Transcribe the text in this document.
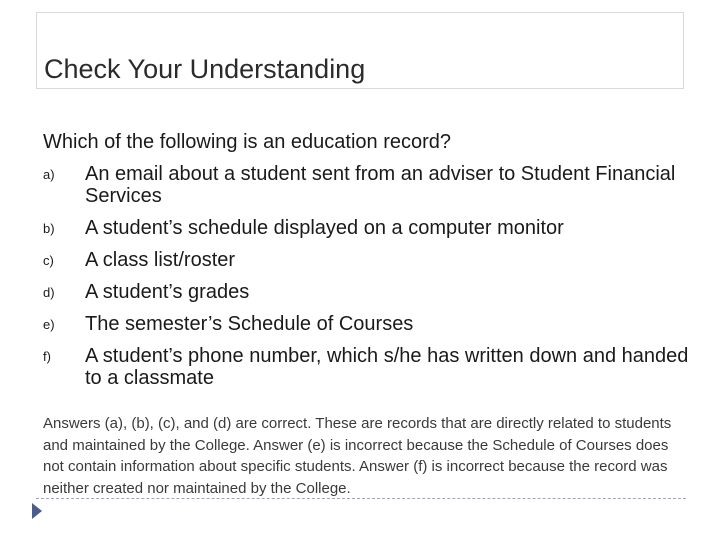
Check Your Understanding

Which of the following is an education record?

a) An email about a student sent from an adviser to Student Financial Services
b) A student’s schedule displayed on a computer monitor
c) A class list/roster
d) A student’s grades
e) The semester’s Schedule of Courses
f) A student’s phone number, which s/he has written down and handed to a classmate

Answers (a), (b), (c), and (d) are correct. These are records that are directly related to students and maintained by the College. Answer (e) is incorrect because the Schedule of Courses does not contain information about specific students. Answer (f) is incorrect because the record was neither created nor maintained by the College.
